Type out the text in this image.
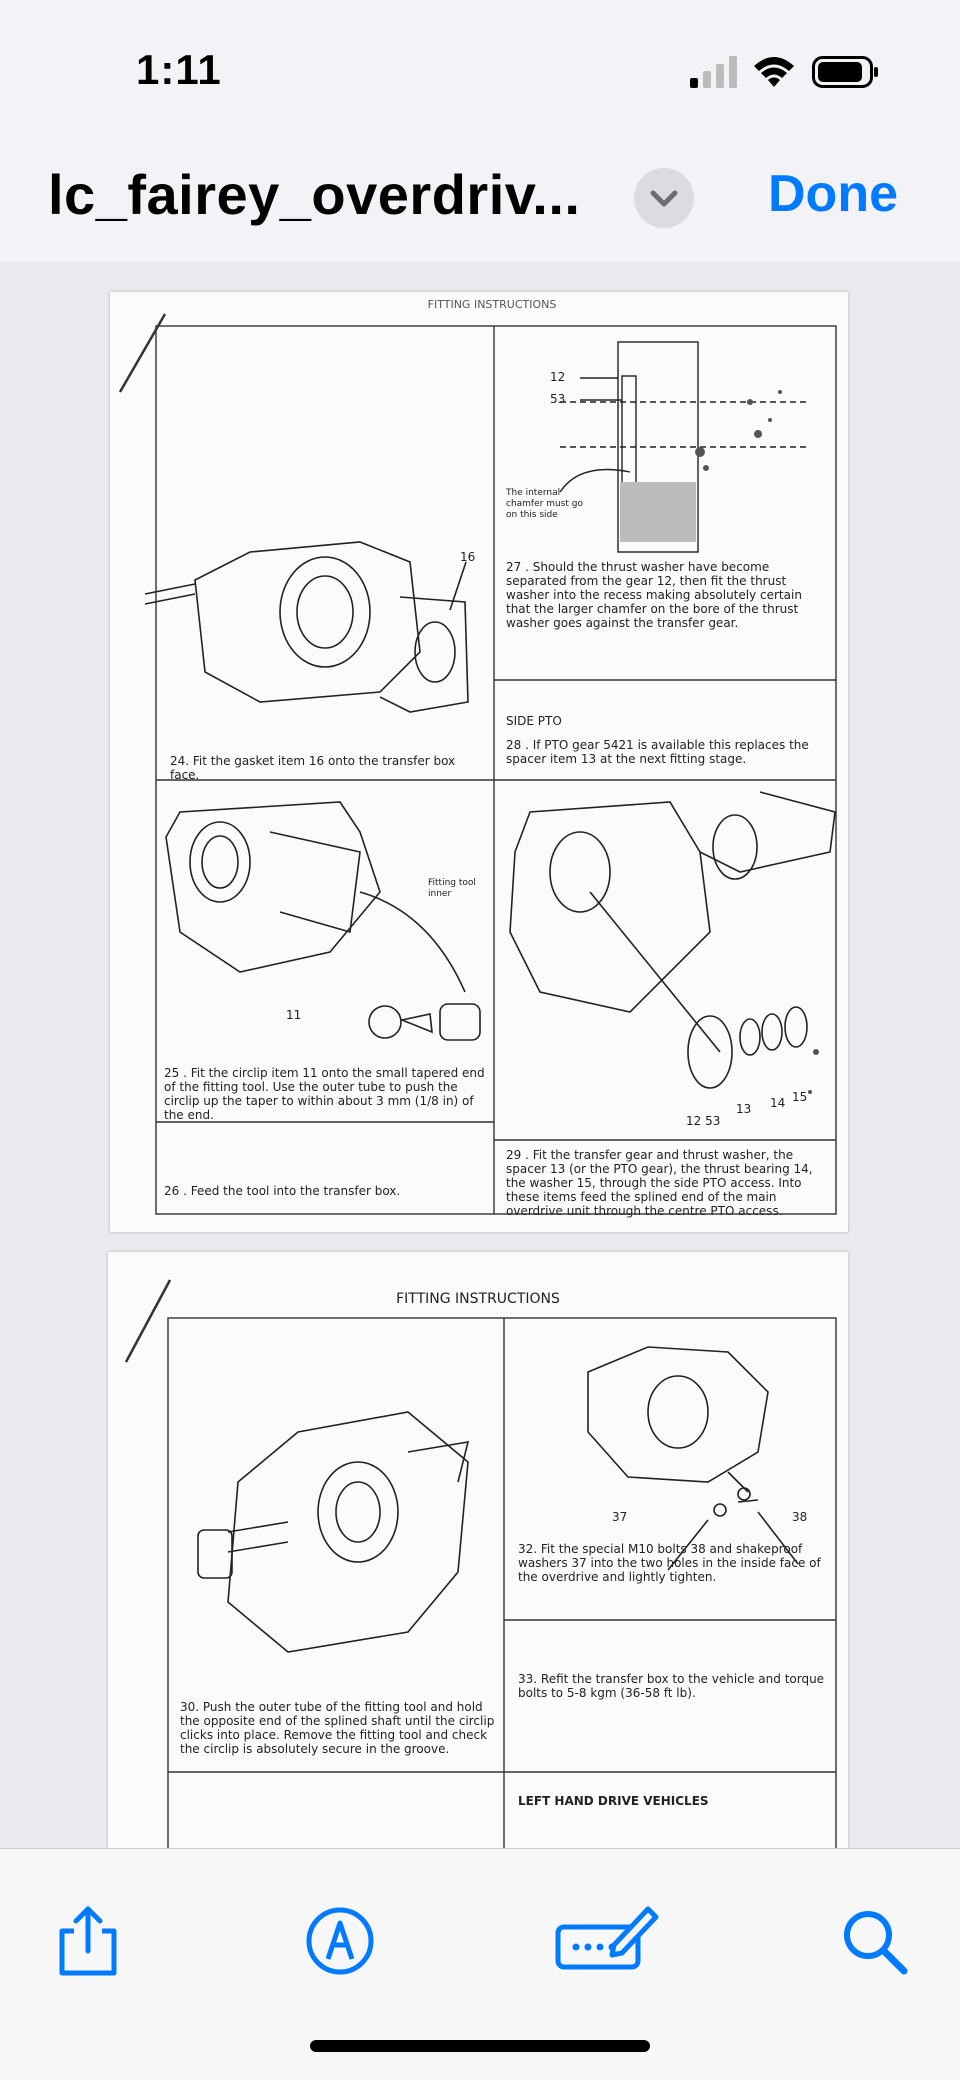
1:11
lc_fairey_overdriv...	Done
FITTING INSTRUCTIONS
16
12
53
The internal chamfer must go on this side
27 . Should the thrust washer have become separated from the gear 12, then fit the thrust washer into the recess making absolutely certain that the larger chamfer on the bore of the thrust washer goes against the transfer gear.
SIDE PTO
28 . If PTO gear 5421 is available this replaces the spacer item 13 at the next fitting stage.
24. Fit the gasket item 16 onto the transfer box face.
Fitting tool inner
11
25 . Fit the circlip item 11 onto the small tapered end of the fitting tool. Use the outer tube to push the circlip up the taper to within about 3 mm (1/8 in) of the end.
26 . Feed the tool into the transfer box.
13 14 15
12 53
29 . Fit the transfer gear and thrust washer, the spacer 13 (or the PTO gear), the thrust bearing 14, the washer 15, through the side PTO access. Into these items feed the splined end of the main overdrive unit through the centre PTO access.
FITTING INSTRUCTIONS
37	38
32. Fit the special M10 bolts 38 and shakeproof washers 37 into the two holes in the inside face of the overdrive and lightly tighten.
33. Refit the transfer box to the vehicle and torque bolts to 5-8 kgm (36-58 ft lb).
30. Push the outer tube of the fitting tool and hold the opposite end of the splined shaft until the circlip clicks into place. Remove the fitting tool and check the circlip is absolutely secure in the groove.
LEFT HAND DRIVE VEHICLES
